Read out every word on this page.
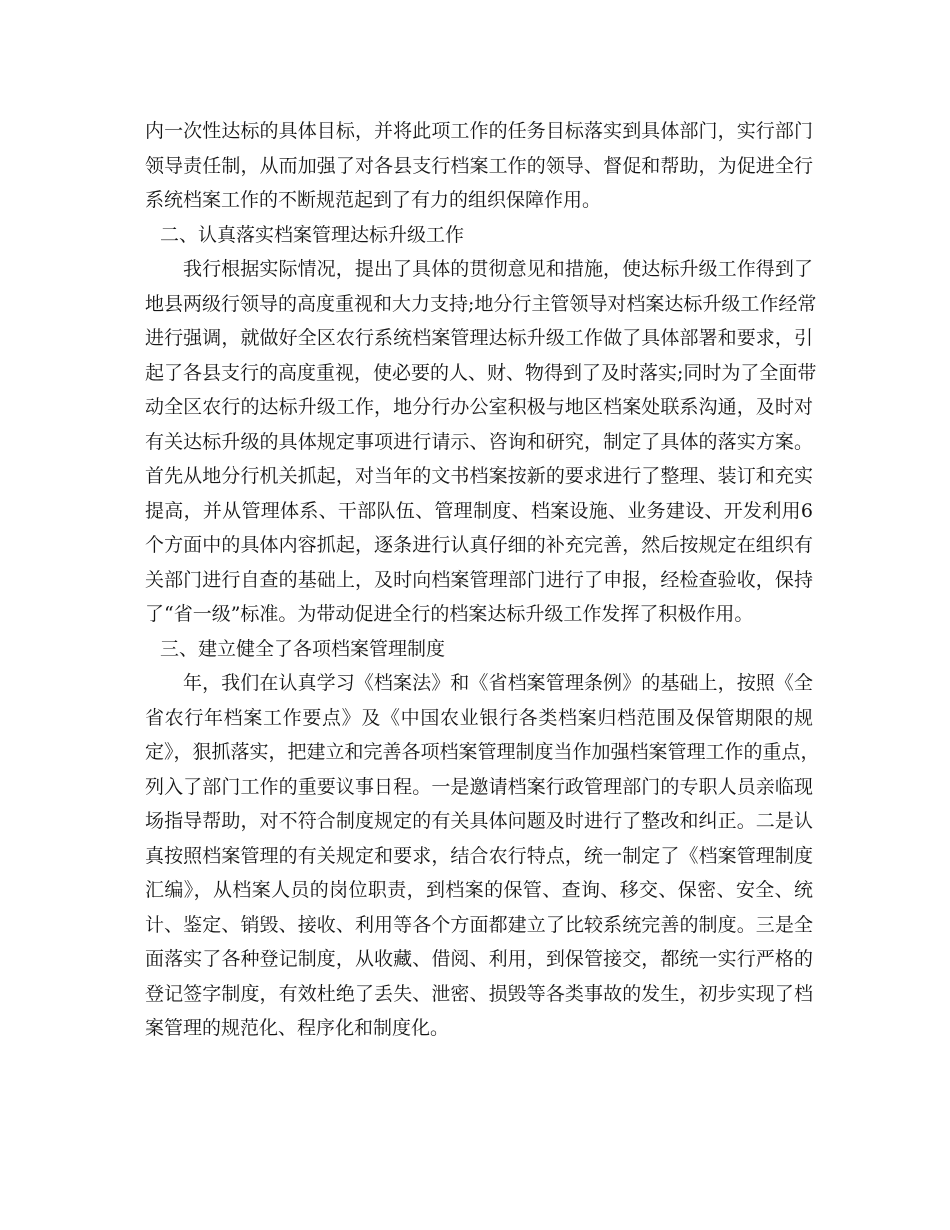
内一次性达标的具体目标，并将此项工作的任务目标落实到具体部门，实行部门
领导责任制，从而加强了对各县支行档案工作的领导、督促和帮助，为促进全行
系统档案工作的不断规范起到了有力的组织保障作用。
二、认真落实档案管理达标升级工作
我行根据实际情况，提出了具体的贯彻意见和措施，使达标升级工作得到了
地县两级行领导的高度重视和大力支持;地分行主管领导对档案达标升级工作经常
进行强调，就做好全区农行系统档案管理达标升级工作做了具体部署和要求，引
起了各县支行的高度重视，使必要的人、财、物得到了及时落实;同时为了全面带
动全区农行的达标升级工作，地分行办公室积极与地区档案处联系沟通，及时对
有关达标升级的具体规定事项进行请示、咨询和研究，制定了具体的落实方案。
首先从地分行机关抓起，对当年的文书档案按新的要求进行了整理、装订和充实
提高，并从管理体系、干部队伍、管理制度、档案设施、业务建设、开发利用6
个方面中的具体内容抓起，逐条进行认真仔细的补充完善，然后按规定在组织有
关部门进行自查的基础上，及时向档案管理部门进行了申报，经检查验收，保持
了“省一级”标准。为带动促进全行的档案达标升级工作发挥了积极作用。
三、建立健全了各项档案管理制度
年，我们在认真学习《档案法》和《省档案管理条例》的基础上，按照《全
省农行年档案工作要点》及《中国农业银行各类档案归档范围及保管期限的规
定》，狠抓落实，把建立和完善各项档案管理制度当作加强档案管理工作的重点，
列入了部门工作的重要议事日程。一是邀请档案行政管理部门的专职人员亲临现
场指导帮助，对不符合制度规定的有关具体问题及时进行了整改和纠正。二是认
真按照档案管理的有关规定和要求，结合农行特点，统一制定了《档案管理制度
汇编》，从档案人员的岗位职责，到档案的保管、查询、移交、保密、安全、统
计、鉴定、销毁、接收、利用等各个方面都建立了比较系统完善的制度。三是全
面落实了各种登记制度，从收藏、借阅、利用，到保管接交，都统一实行严格的
登记签字制度，有效杜绝了丢失、泄密、损毁等各类事故的发生，初步实现了档
案管理的规范化、程序化和制度化。
